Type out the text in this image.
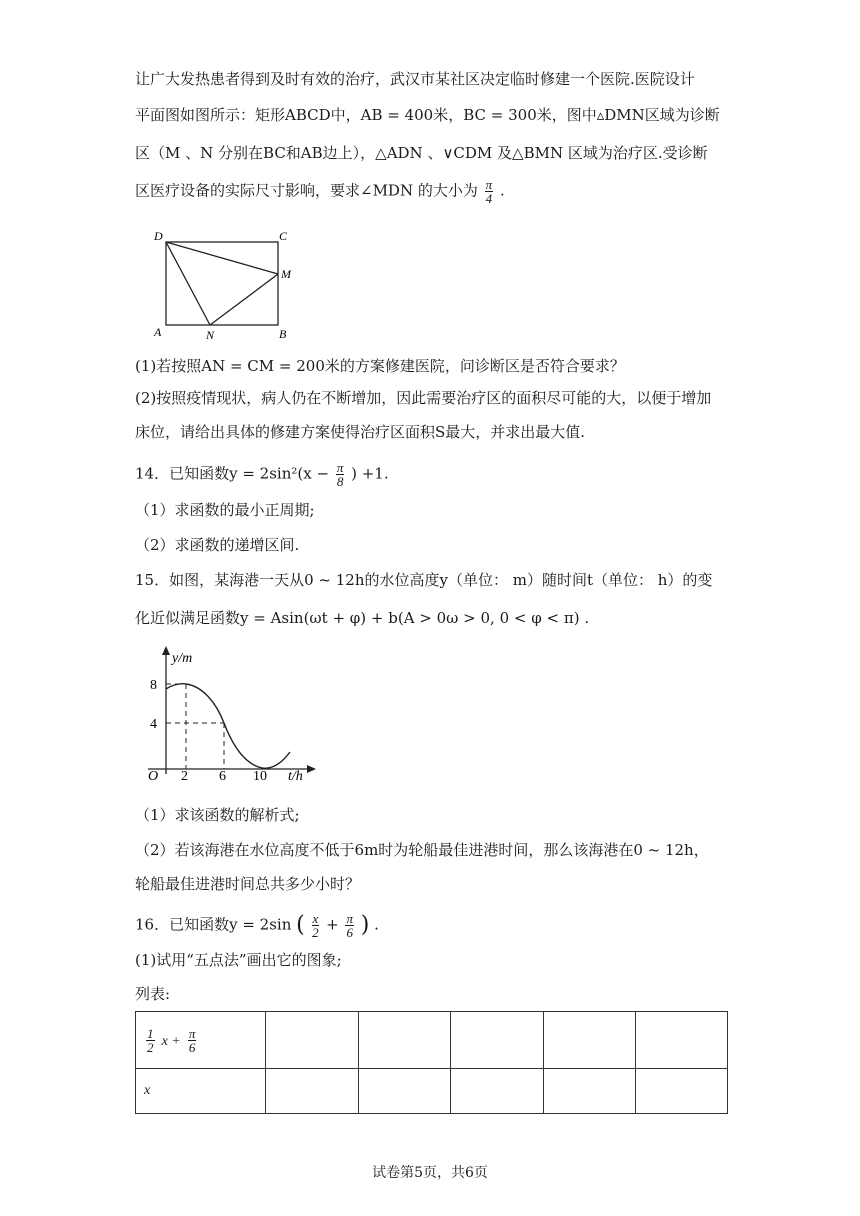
让广大发热患者得到及时有效的治疗，武汉市某社区决定临时修建一个医院.医院设计
平面图如图所示：矩形ABCD中，AB = 400米，BC = 300米，图中▵DMN区域为诊断
区（M 、N 分别在BC和AB边上），△ADN 、∨CDM 及△BMN 区域为治疗区.受诊断
区医疗设备的实际尺寸影响，要求∠MDN 的大小为 $\frac{\pi}{4}$ .
D	C
M
A	N	B
(1)若按照AN = CM = 200米的方案修建医院，问诊断区是否符合要求？
(2)按照疫情现状，病人仍在不断增加，因此需要治疗区的面积尽可能的大，以便于增加
床位，请给出具体的修建方案使得治疗区面积S最大，并求出最大值.
14．已知函数$y = 2\sin^2(x - \frac{\pi}{8}$ ) +1.
（1）求函数的最小正周期;
（2）求函数的递增区间.
15．如图，某海港一天从0 ~ 12h的水位高度y（单位： m）随时间t（单位： h）的变
化近似满足函数y = Asin(ωt + φ) + b(A > 0ω > 0, 0 < φ < π) .
y/m
8
4
O 2 6 10 t/h
（1）求该函数的解析式;
（2）若该海港在水位高度不低于6m时为轮船最佳进港时间，那么该海港在0 ~ 12h，
轮船最佳进港时间总共多少小时？
16．已知函数y = 2sin ( $\frac{x}{2} + \frac{\pi}{6}$ ) .
(1)试用“五点法”画出它的图象;
列表:
$\frac{1}{2}$ $x + \frac{\pi}{6}$

x					
试卷第5页，共6页
